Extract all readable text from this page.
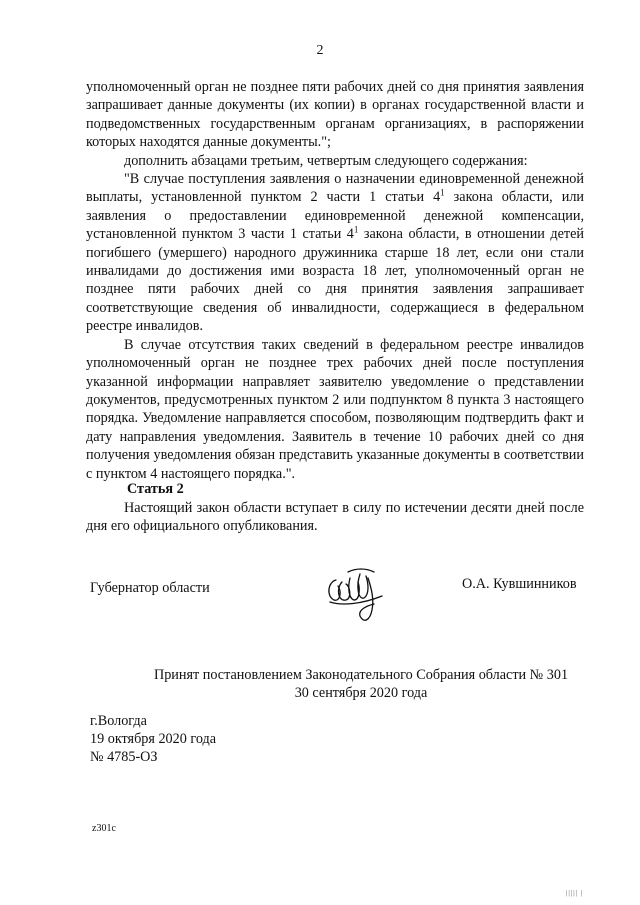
2

уполномоченный орган не позднее пяти рабочих дней со дня принятия заявления запрашивает данные документы (их копии) в органах государственной власти и подведомственных государственным органам организациях, в распоряжении которых находятся данные документы.";

дополнить абзацами третьим, четвертым следующего содержания:

"В случае поступления заявления о назначении единовременной денежной выплаты, установленной пунктом 2 части 1 статьи $4^1$ закона области, или заявления о предоставлении единовременной денежной компенсации, установленной пунктом 3 части 1 статьи $4^1$ закона области, в отношении детей погибшего (умершего) народного дружинника старше 18 лет, если они стали инвалидами до достижения ими возраста 18 лет, уполномоченный орган не позднее пяти рабочих дней со дня принятия заявления запрашивает соответствующие сведения об инвалидности, содержащиеся в федеральном реестре инвалидов.

В случае отсутствия таких сведений в федеральном реестре инвалидов уполномоченный орган не позднее трех рабочих дней после поступления указанной информации направляет заявителю уведомление о представлении документов, предусмотренных пунктом 2 или подпунктом 8 пункта 3 настоящего порядка. Уведомление направляется способом, позволяющим подтвердить факт и дату направления уведомления. Заявитель в течение 10 рабочих дней со дня получения уведомления обязан представить указанные документы в соответствии с пунктом 4 настоящего порядка.".

Статья 2
Настоящий закон области вступает в силу по истечении десяти дней после дня его официального опубликования.
Губернатор области	О.А. Кувшинников
Принят постановлением Законодательного Собрания области № 301
30 сентября 2020 года
г.Вологда
19 октября 2020 года
№ 4785-ОЗ
z301c
||||| |
